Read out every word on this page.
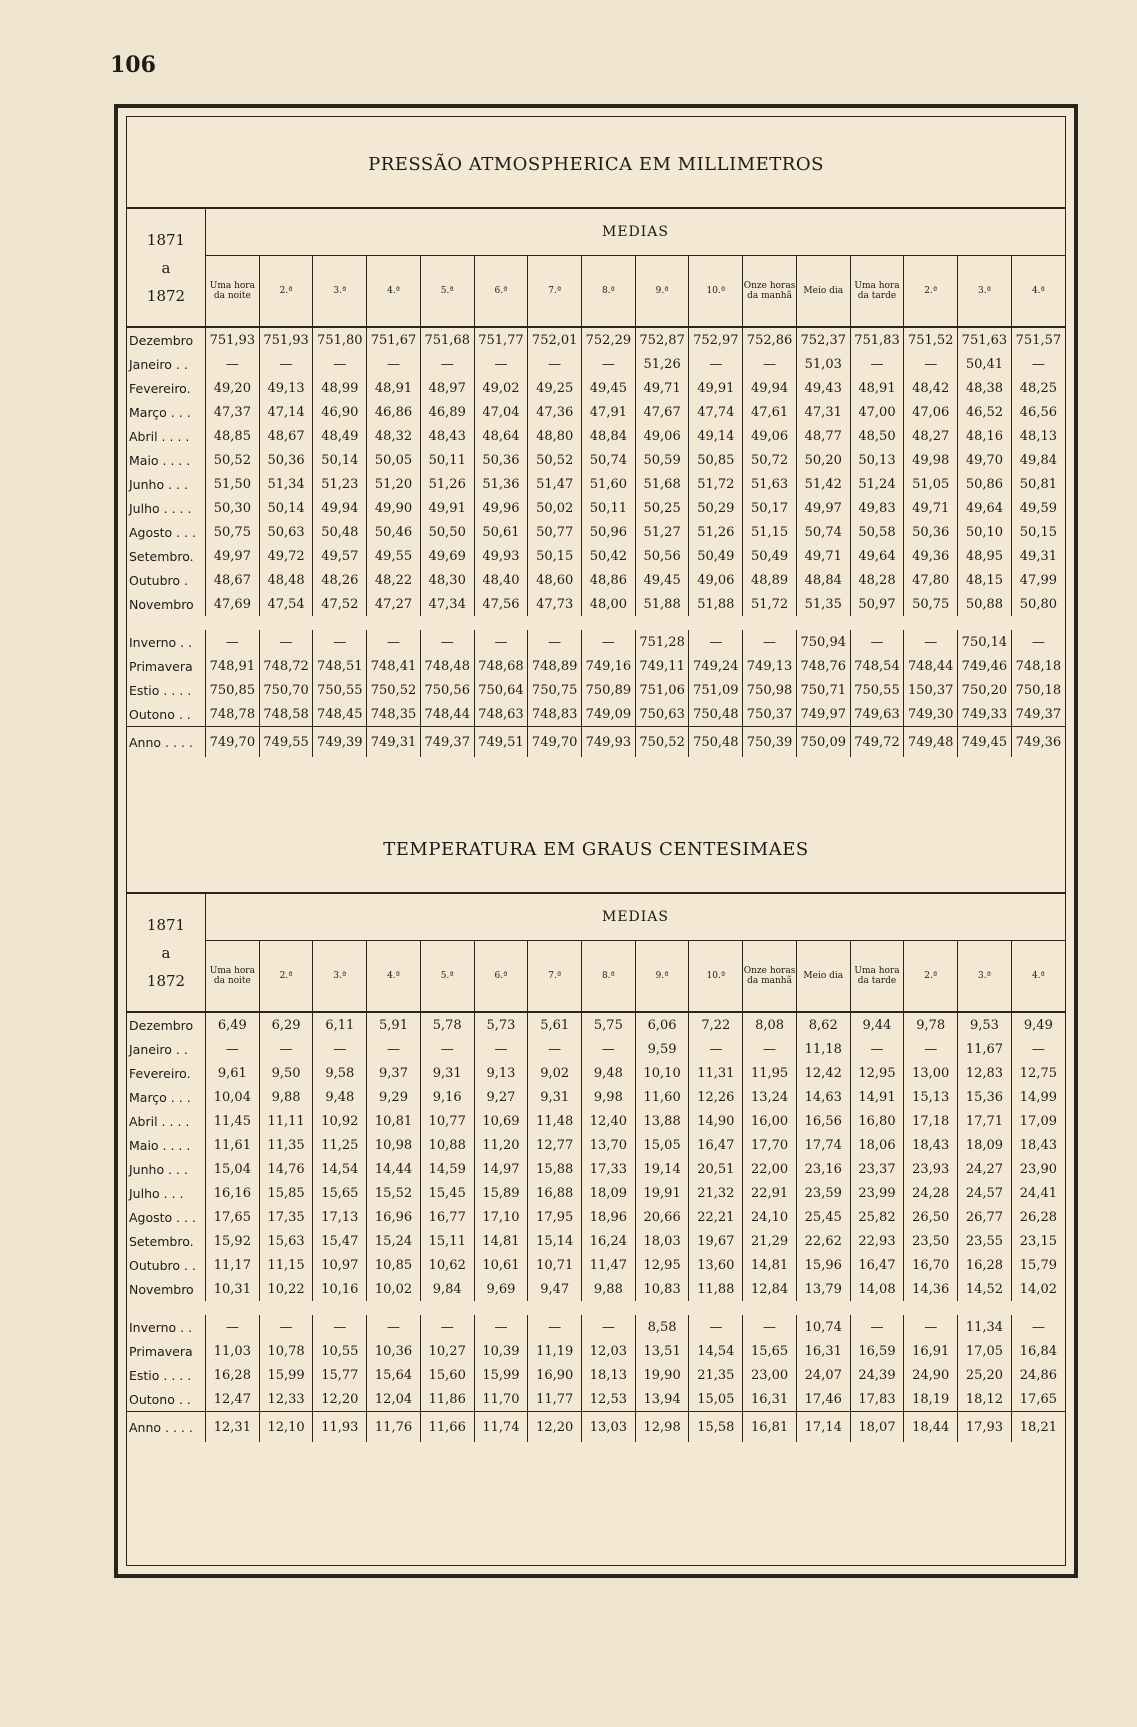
106
PRESSÃO ATMOSPHERICA EM MILLIMETROS
1871
a
1872	MEDIAS															
	Uma hora da noite	2.ª	3.ª	4.ª	5.ª	6.ª	7.ª	8.ª	9.ª	10.ª	Onze horas da manhã	Meio dia	Uma hora da tarde	2.ª	3.ª	4.ª
Dezembro	751,93	751,93	751,80	751,67	751,68	751,77	752,01	752,29	752,87	752,97	752,86	752,37	751,83	751,52	751,63	751,57
Janeiro . .	—	—	—	—	—	—	—	—	51,26	—	—	51,03	—	—	50,41	—
Fevereiro.	49,20	49,13	48,99	48,91	48,97	49,02	49,25	49,45	49,71	49,91	49,94	49,43	48,91	48,42	48,38	48,25
Março . . .	47,37	47,14	46,90	46,86	46,89	47,04	47,36	47,91	47,67	47,74	47,61	47,31	47,00	47,06	46,52	46,56
Abril . . . .	48,85	48,67	48,49	48,32	48,43	48,64	48,80	48,84	49,06	49,14	49,06	48,77	48,50	48,27	48,16	48,13
Maio . . . .	50,52	50,36	50,14	50,05	50,11	50,36	50,52	50,74	50,59	50,85	50,72	50,20	50,13	49,98	49,70	49,84
Junho . . .	51,50	51,34	51,23	51,20	51,26	51,36	51,47	51,60	51,68	51,72	51,63	51,42	51,24	51,05	50,86	50,81
Julho . . . .	50,30	50,14	49,94	49,90	49,91	49,96	50,02	50,11	50,25	50,29	50,17	49,97	49,83	49,71	49,64	49,59
Agosto . . .	50,75	50,63	50,48	50,46	50,50	50,61	50,77	50,96	51,27	51,26	51,15	50,74	50,58	50,36	50,10	50,15
Setembro.	49,97	49,72	49,57	49,55	49,69	49,93	50,15	50,42	50,56	50,49	50,49	49,71	49,64	49,36	48,95	49,31
Outubro .	48,67	48,48	48,26	48,22	48,30	48,40	48,60	48,86	49,45	49,06	48,89	48,84	48,28	47,80	48,15	47,99
Novembro	47,69	47,54	47,52	47,27	47,34	47,56	47,73	48,00	51,88	51,88	51,72	51,35	50,97	50,75	50,88	50,80

Inverno . .	—	—	—	—	—	—	—	—	751,28	—	—	750,94	—	—	750,14	—
Primavera	748,91	748,72	748,51	748,41	748,48	748,68	748,89	749,16	749,11	749,24	749,13	748,76	748,54	748,44	749,46	748,18
Estio . . . .	750,85	750,70	750,55	750,52	750,56	750,64	750,75	750,89	751,06	751,09	750,98	750,71	750,55	150,37	750,20	750,18
Outono . .	748,78	748,58	748,45	748,35	748,44	748,63	748,83	749,09	750,63	750,48	750,37	749,97	749,63	749,30	749,33	749,37
Anno . . . .	749,70	749,55	749,39	749,31	749,37	749,51	749,70	749,93	750,52	750,48	750,39	750,09	749,72	749,48	749,45	749,36
TEMPERATURA EM GRAUS CENTESIMAES
1871
a
1872	MEDIAS															
	Uma hora da noite	2.ª	3.ª	4.ª	5.ª	6.ª	7.ª	8.ª	9.ª	10.ª	Onze horas da manhã	Meio dia	Uma hora da tarde	2.ª	3.ª	4.ª
Dezembro	6,49	6,29	6,11	5,91	5,78	5,73	5,61	5,75	6,06	7,22	8,08	8,62	9,44	9,78	9,53	9,49
Janeiro . .	—	—	—	—	—	—	—	—	9,59	—	—	11,18	—	—	11,67	—
Fevereiro.	9,61	9,50	9,58	9,37	9,31	9,13	9,02	9,48	10,10	11,31	11,95	12,42	12,95	13,00	12,83	12,75
Março . . .	10,04	9,88	9,48	9,29	9,16	9,27	9,31	9,98	11,60	12,26	13,24	14,63	14,91	15,13	15,36	14,99
Abril . . . .	11,45	11,11	10,92	10,81	10,77	10,69	11,48	12,40	13,88	14,90	16,00	16,56	16,80	17,18	17,71	17,09
Maio . . . .	11,61	11,35	11,25	10,98	10,88	11,20	12,77	13,70	15,05	16,47	17,70	17,74	18,06	18,43	18,09	18,43
Junho . . .	15,04	14,76	14,54	14,44	14,59	14,97	15,88	17,33	19,14	20,51	22,00	23,16	23,37	23,93	24,27	23,90
Julho . . .	16,16	15,85	15,65	15,52	15,45	15,89	16,88	18,09	19,91	21,32	22,91	23,59	23,99	24,28	24,57	24,41
Agosto . . .	17,65	17,35	17,13	16,96	16,77	17,10	17,95	18,96	20,66	22,21	24,10	25,45	25,82	26,50	26,77	26,28
Setembro.	15,92	15,63	15,47	15,24	15,11	14,81	15,14	16,24	18,03	19,67	21,29	22,62	22,93	23,50	23,55	23,15
Outubro . .	11,17	11,15	10,97	10,85	10,62	10,61	10,71	11,47	12,95	13,60	14,81	15,96	16,47	16,70	16,28	15,79
Novembro	10,31	10,22	10,16	10,02	9,84	9,69	9,47	9,88	10,83	11,88	12,84	13,79	14,08	14,36	14,52	14,02

Inverno . .	—	—	—	—	—	—	—	—	8,58	—	—	10,74	—	—	11,34	—
Primavera	11,03	10,78	10,55	10,36	10,27	10,39	11,19	12,03	13,51	14,54	15,65	16,31	16,59	16,91	17,05	16,84
Estio . . . .	16,28	15,99	15,77	15,64	15,60	15,99	16,90	18,13	19,90	21,35	23,00	24,07	24,39	24,90	25,20	24,86
Outono . .	12,47	12,33	12,20	12,04	11,86	11,70	11,77	12,53	13,94	15,05	16,31	17,46	17,83	18,19	18,12	17,65
Anno . . . .	12,31	12,10	11,93	11,76	11,66	11,74	12,20	13,03	12,98	15,58	16,81	17,14	18,07	18,44	17,93	18,21
